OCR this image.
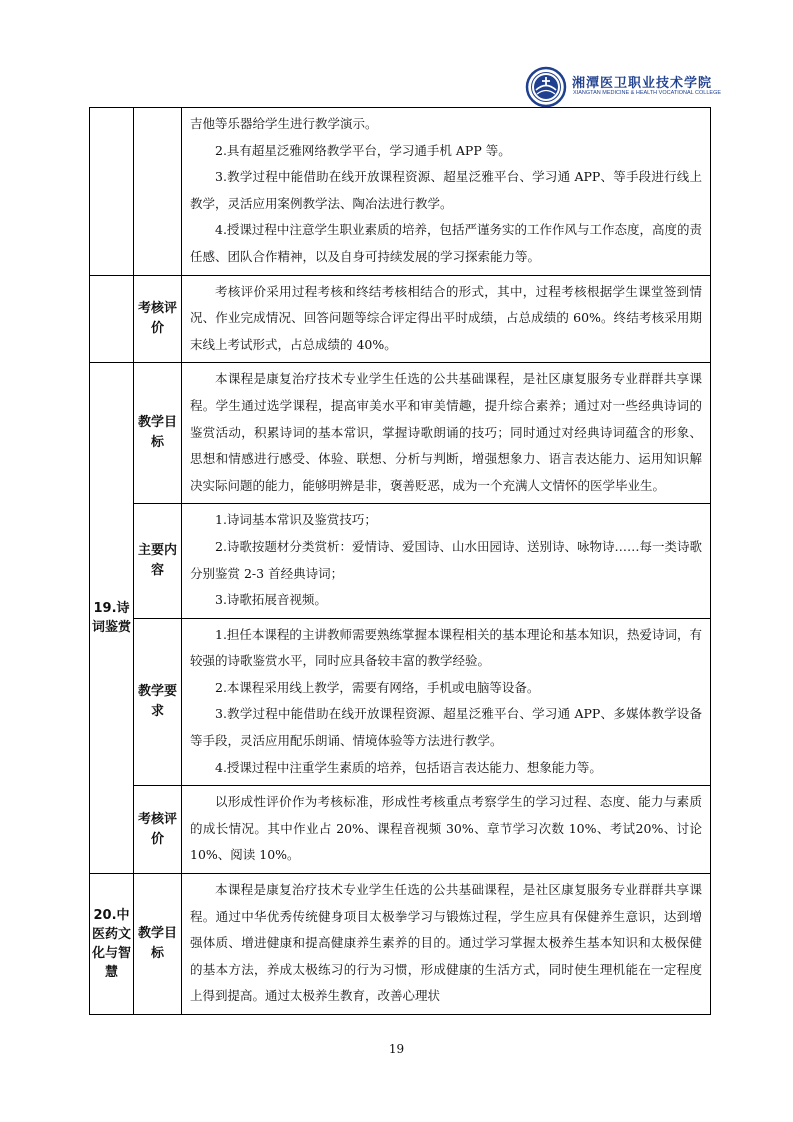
湘潭医卫职业技术学院
XIANGTAN MEDICINE & HEALTH VOCATIONAL COLLEGE

		吉他等乐器给学生进行教学演示。

2.具有超星泛雅网络教学平台，学习通手机 APP 等。

3.教学过程中能借助在线开放课程资源、超星泛雅平台、学习通 APP、等手段进行线上教学，灵活应用案例教学法、陶冶法进行教学。

4.授课过程中注意学生职业素质的培养，包括严谨务实的工作作风与工作态度，高度的责任感、团队合作精神，以及自身可持续发展的学习探索能力等。

	考核评价	考核评价采用过程考核和终结考核相结合的形式，其中，过程考核根据学生课堂签到情况、作业完成情况、回答问题等综合评定得出平时成绩，占总成绩的 60%。终结考核采用期末线上考试形式，占总成绩的 40%。

19.诗词鉴赏	教学目标	本课程是康复治疗技术专业学生任选的公共基础课程，是社区康复服务专业群群共享课程。学生通过选学课程，提高审美水平和审美情趣，提升综合素养；通过对一些经典诗词的鉴赏活动，积累诗词的基本常识，掌握诗歌朗诵的技巧；同时通过对经典诗词蕴含的形象、思想和情感进行感受、体验、联想、分析与判断，增强想象力、语言表达能力、运用知识解决实际问题的能力，能够明辨是非，褒善贬恶，成为一个充满人文情怀的医学毕业生。

	主要内容	1.诗词基本常识及鉴赏技巧；

2.诗歌按题材分类赏析：爱情诗、爱国诗、山水田园诗、送别诗、咏物诗……每一类诗歌分别鉴赏 2-3 首经典诗词；

3.诗歌拓展音视频。

	教学要求	1.担任本课程的主讲教师需要熟练掌握本课程相关的基本理论和基本知识，热爱诗词，有较强的诗歌鉴赏水平，同时应具备较丰富的教学经验。

2.本课程采用线上教学，需要有网络，手机或电脑等设备。

3.教学过程中能借助在线开放课程资源、超星泛雅平台、学习通 APP、多媒体教学设备等手段，灵活应用配乐朗诵、情境体验等方法进行教学。

4.授课过程中注重学生素质的培养，包括语言表达能力、想象能力等。

	考核评价	以形成性评价作为考核标准，形成性考核重点考察学生的学习过程、态度、能力与素质的成长情况。其中作业占 20%、课程音视频 30%、章节学习次数 10%、考试20%、讨论 10%、阅读 10%。

20.中医药文化与智慧	教学目标	本课程是康复治疗技术专业学生任选的公共基础课程，是社区康复服务专业群群共享课程。通过中华优秀传统健身项目太极拳学习与锻炼过程，学生应具有保健养生意识，达到增强体质、增进健康和提高健康养生素养的目的。通过学习掌握太极养生基本知识和太极保健的基本方法，养成太极练习的行为习惯，形成健康的生活方式，同时使生理机能在一定程度上得到提高。通过太极养生教育，改善心理状

19
